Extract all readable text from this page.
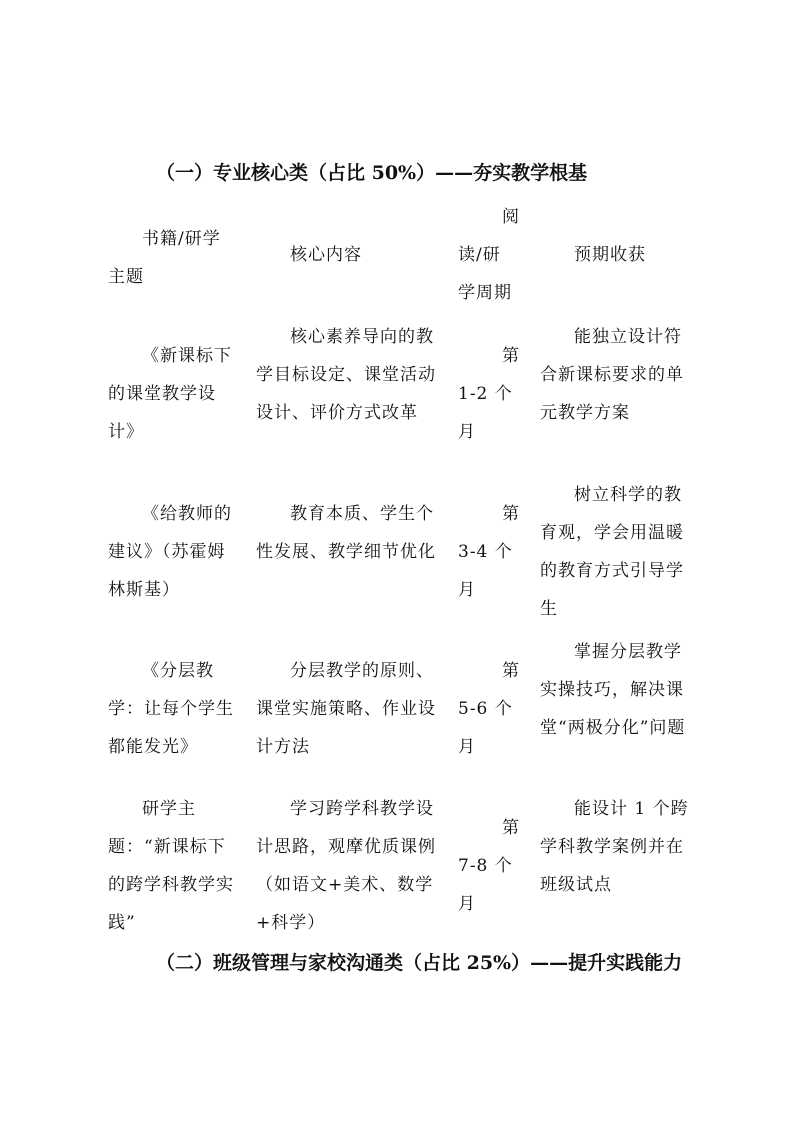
（一）专业核心类（占比 50%）——夯实教学根基
书籍/研学主题
核心内容
阅读/研学周期
预期收获
《新课标下的课堂教学设计》
核心素养导向的教学目标设定、课堂活动设计、评价方式改革
第
1-2 个
月
能独立设计符合新课标要求的单元教学方案
《给教师的建议》（苏霍姆林斯基）
教育本质、学生个性发展、教学细节优化
第
3-4 个
月
树立科学的教育观，学会用温暖的教育方式引导学生
《分层教学：让每个学生都能发光》
分层教学的原则、课堂实施策略、作业设计方法
第
5-6 个
月
掌握分层教学实操技巧，解决课堂“两极分化”问题
研学主题：“新课标下的跨学科教学实践”
学习跨学科教学设计思路，观摩优质课例（如语文+美术、数学+科学）
第
7-8 个
月
能设计 1 个跨学科教学案例并在班级试点
（二）班级管理与家校沟通类（占比 25%）——提升实践能力
